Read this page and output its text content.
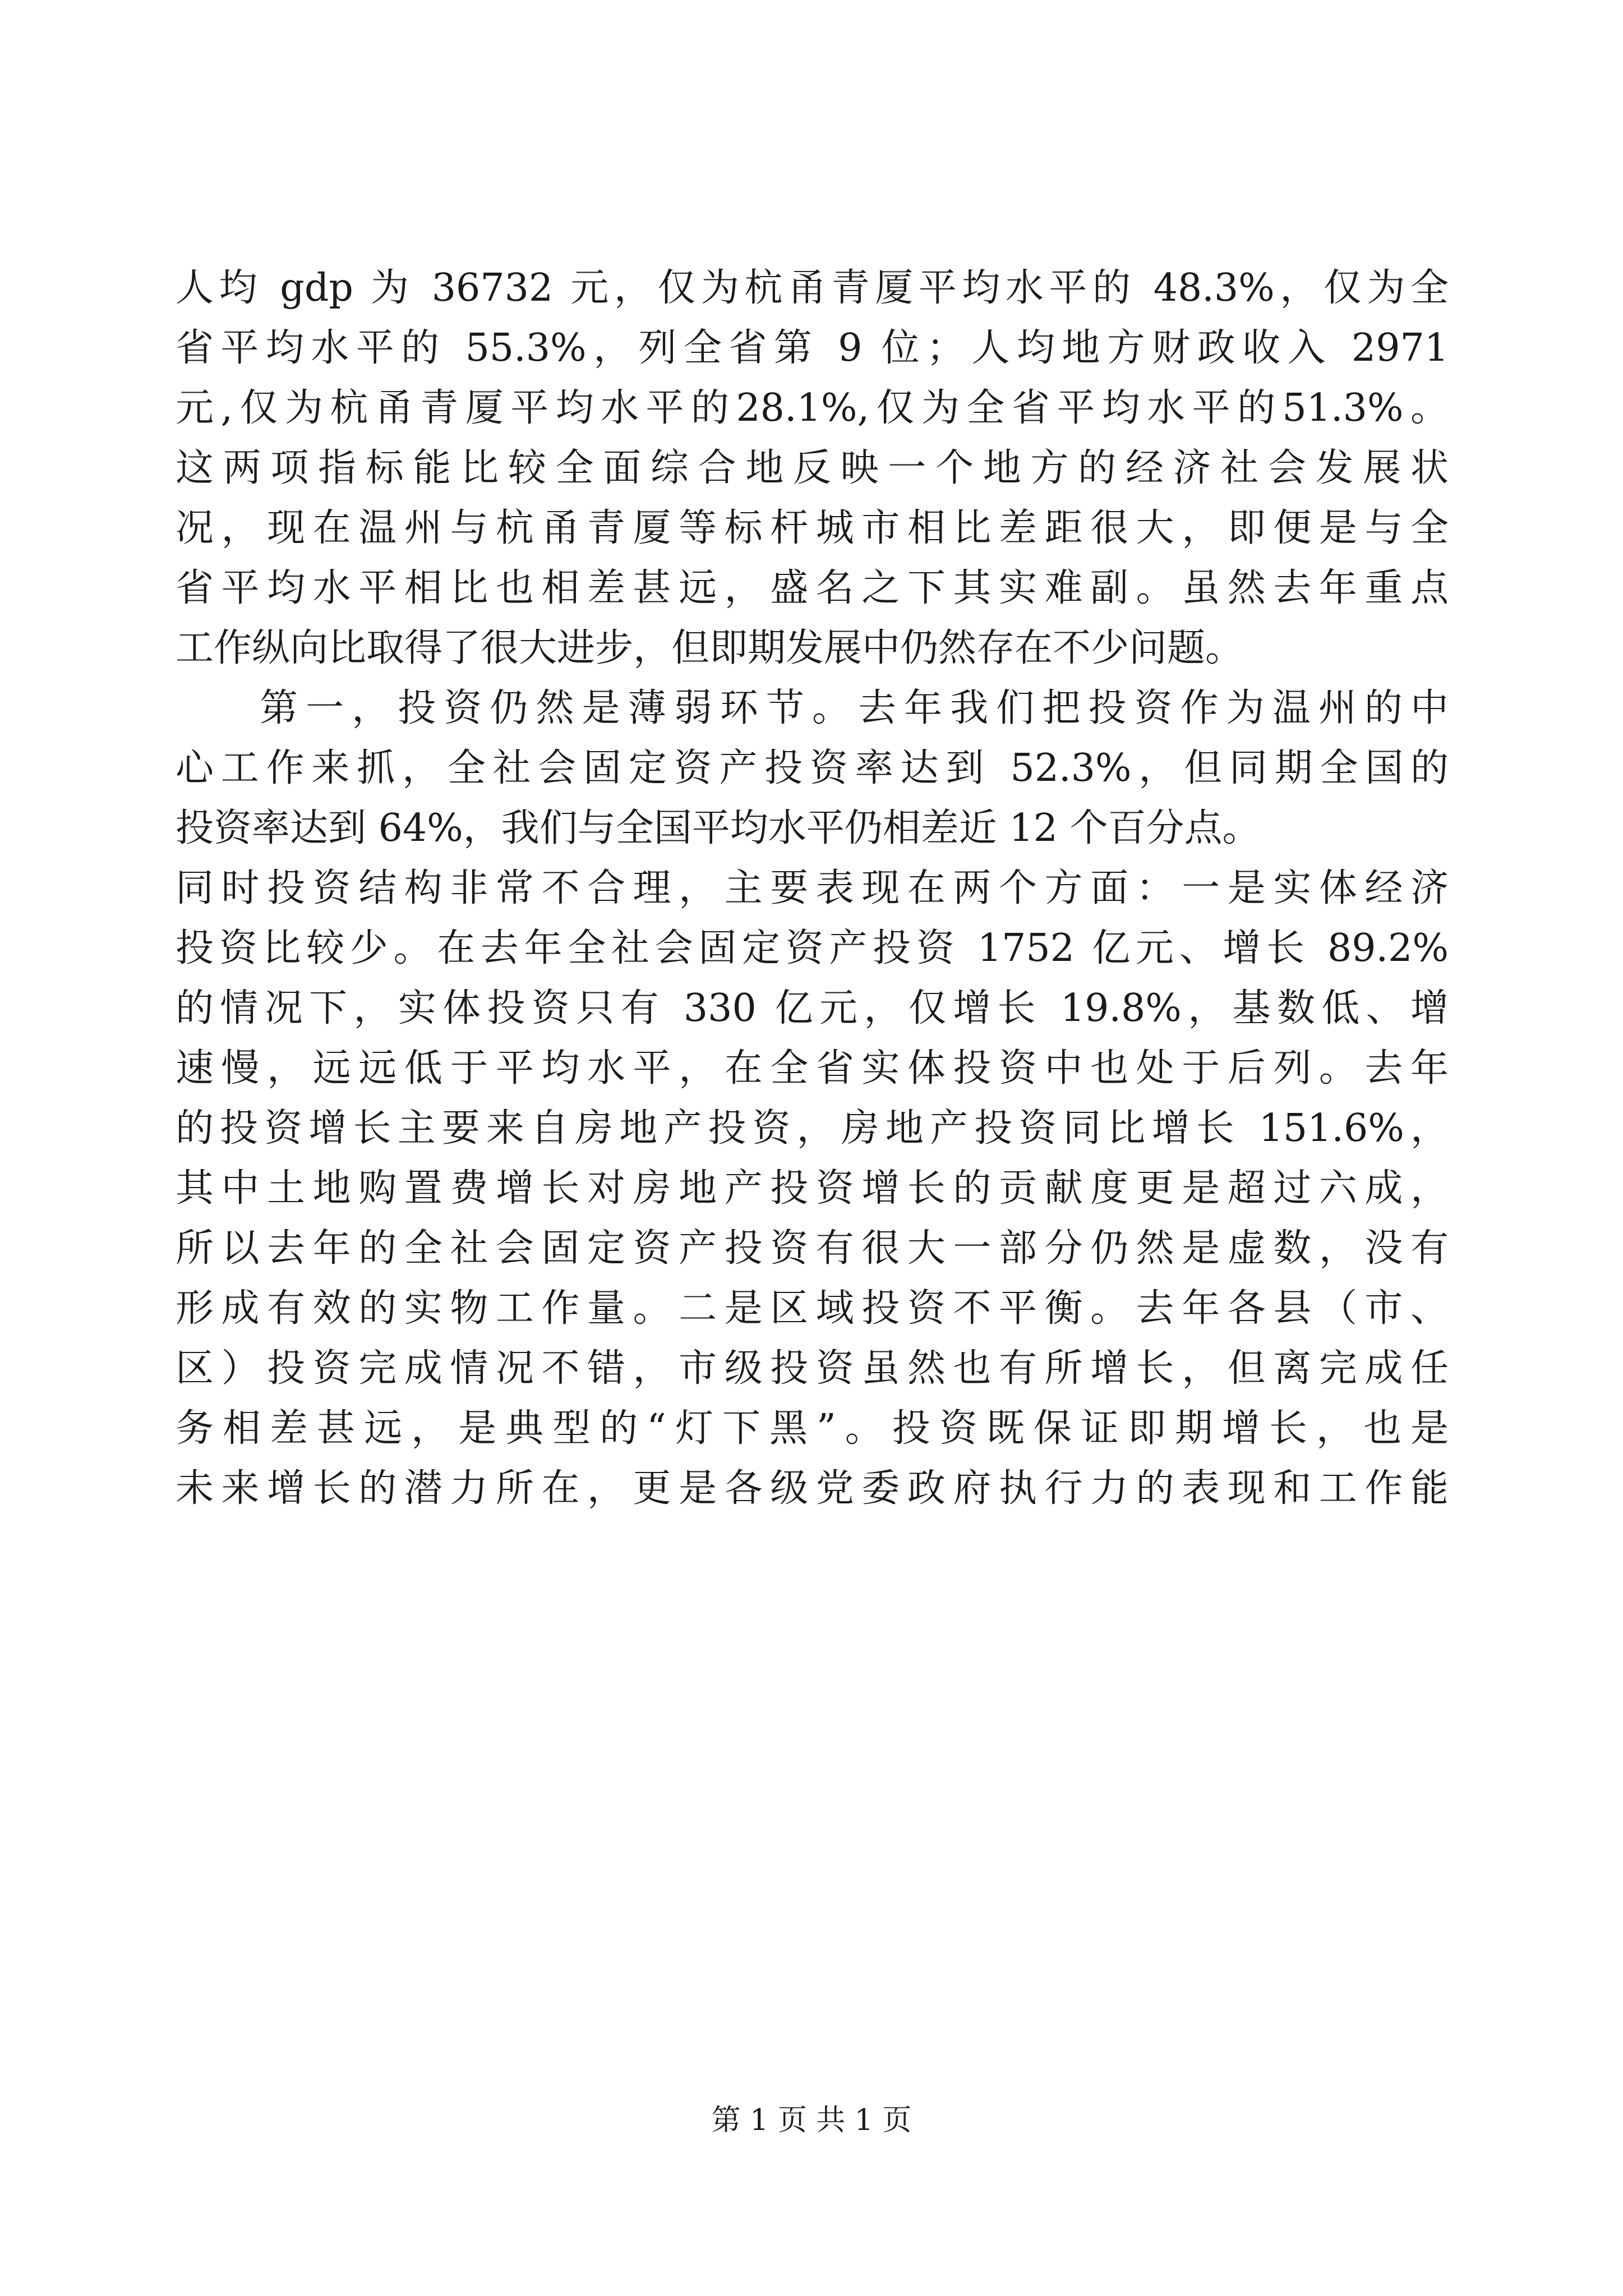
人均 gdp 为 36732 元，仅为杭甬青厦平均水平的 48.3%，仅为全
省平均水平的 55.3%，列全省第 9 位；人均地方财政收入 2971
元,仅为杭甬青厦平均水平的28.1%,仅为全省平均水平的51.3%。
这两项指标能比较全面综合地反映一个地方的经济社会发展状
况，现在温州与杭甬青厦等标杆城市相比差距很大，即便是与全
省平均水平相比也相差甚远，盛名之下其实难副。虽然去年重点
工作纵向比取得了很大进步，但即期发展中仍然存在不少问题。
第一，投资仍然是薄弱环节。去年我们把投资作为温州的中
心工作来抓，全社会固定资产投资率达到 52.3%，但同期全国的
投资率达到 64%，我们与全国平均水平仍相差近 12 个百分点。
同时投资结构非常不合理，主要表现在两个方面：一是实体经济
投资比较少。在去年全社会固定资产投资 1752 亿元、增长 89.2%
的情况下，实体投资只有 330 亿元，仅增长 19.8%，基数低、增
速慢，远远低于平均水平，在全省实体投资中也处于后列。去年
的投资增长主要来自房地产投资，房地产投资同比增长 151.6%，
其中土地购置费增长对房地产投资增长的贡献度更是超过六成，
所以去年的全社会固定资产投资有很大一部分仍然是虚数，没有
形成有效的实物工作量。二是区域投资不平衡。去年各县（市、
区）投资完成情况不错，市级投资虽然也有所增长，但离完成任
务相差甚远，是典型的“灯下黑”。投资既保证即期增长，也是
未来增长的潜力所在，更是各级党委政府执行力的表现和工作能
第 1 页 共 1 页
